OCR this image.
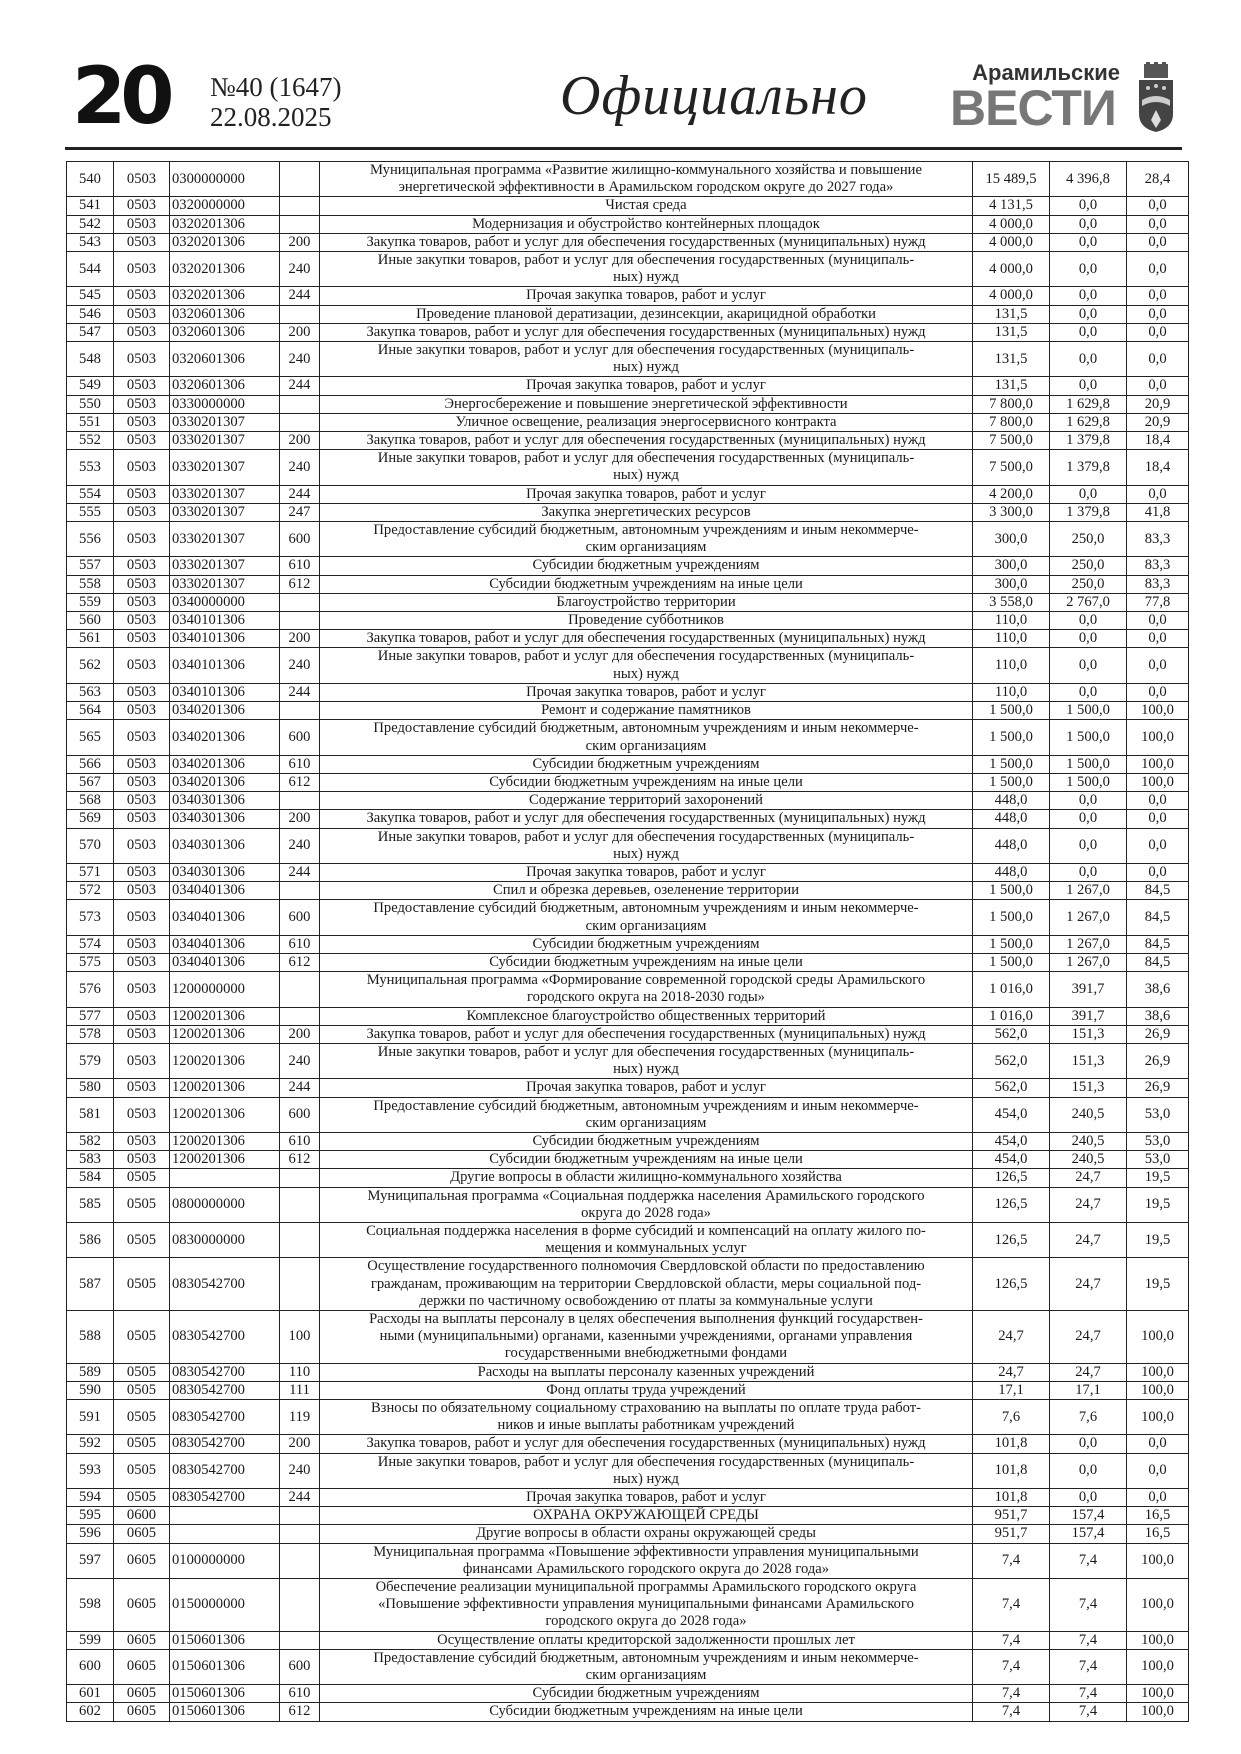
20 №40 (1647)
22.08.2025	Официально	Арамильские
ВЕСТИ
540	0503	0300000000		Муниципальная программа «Развитие жилищно-коммунального хозяйства и повышение
энергетической эффективности в Арамильском городском округе до 2027 года»	15 489,5	4 396,8	28,4
541	0503	0320000000		Чистая среда	4 131,5	0,0	0,0
542	0503	0320201306		Модернизация и обустройство контейнерных площадок	4 000,0	0,0	0,0
543	0503	0320201306	200	Закупка товаров, работ и услуг для обеспечения государственных (муниципальных) нужд	4 000,0	0,0	0,0
544	0503	0320201306	240	Иные закупки товаров, работ и услуг для обеспечения государственных (муниципаль-
ных) нужд	4 000,0	0,0	0,0
545	0503	0320201306	244	Прочая закупка товаров, работ и услуг	4 000,0	0,0	0,0
546	0503	0320601306		Проведение плановой дератизации, дезинсекции, акарицидной обработки	131,5	0,0	0,0
547	0503	0320601306	200	Закупка товаров, работ и услуг для обеспечения государственных (муниципальных) нужд	131,5	0,0	0,0
548	0503	0320601306	240	Иные закупки товаров, работ и услуг для обеспечения государственных (муниципаль-
ных) нужд	131,5	0,0	0,0
549	0503	0320601306	244	Прочая закупка товаров, работ и услуг	131,5	0,0	0,0
550	0503	0330000000		Энергосбережение и повышение энергетической эффективности	7 800,0	1 629,8	20,9
551	0503	0330201307		Уличное освещение, реализация энергосервисного контракта	7 800,0	1 629,8	20,9
552	0503	0330201307	200	Закупка товаров, работ и услуг для обеспечения государственных (муниципальных) нужд	7 500,0	1 379,8	18,4
553	0503	0330201307	240	Иные закупки товаров, работ и услуг для обеспечения государственных (муниципаль-
ных) нужд	7 500,0	1 379,8	18,4
554	0503	0330201307	244	Прочая закупка товаров, работ и услуг	4 200,0	0,0	0,0
555	0503	0330201307	247	Закупка энергетических ресурсов	3 300,0	1 379,8	41,8
556	0503	0330201307	600	Предоставление субсидий бюджетным, автономным учреждениям и иным некоммерче-
ским организациям	300,0	250,0	83,3
557	0503	0330201307	610	Субсидии бюджетным учреждениям	300,0	250,0	83,3
558	0503	0330201307	612	Субсидии бюджетным учреждениям на иные цели	300,0	250,0	83,3
559	0503	0340000000		Благоустройство территории	3 558,0	2 767,0	77,8
560	0503	0340101306		Проведение субботников	110,0	0,0	0,0
561	0503	0340101306	200	Закупка товаров, работ и услуг для обеспечения государственных (муниципальных) нужд	110,0	0,0	0,0
562	0503	0340101306	240	Иные закупки товаров, работ и услуг для обеспечения государственных (муниципаль-
ных) нужд	110,0	0,0	0,0
563	0503	0340101306	244	Прочая закупка товаров, работ и услуг	110,0	0,0	0,0
564	0503	0340201306		Ремонт и содержание памятников	1 500,0	1 500,0	100,0
565	0503	0340201306	600	Предоставление субсидий бюджетным, автономным учреждениям и иным некоммерче-
ским организациям	1 500,0	1 500,0	100,0
566	0503	0340201306	610	Субсидии бюджетным учреждениям	1 500,0	1 500,0	100,0
567	0503	0340201306	612	Субсидии бюджетным учреждениям на иные цели	1 500,0	1 500,0	100,0
568	0503	0340301306		Содержание территорий захоронений	448,0	0,0	0,0
569	0503	0340301306	200	Закупка товаров, работ и услуг для обеспечения государственных (муниципальных) нужд	448,0	0,0	0,0
570	0503	0340301306	240	Иные закупки товаров, работ и услуг для обеспечения государственных (муниципаль-
ных) нужд	448,0	0,0	0,0
571	0503	0340301306	244	Прочая закупка товаров, работ и услуг	448,0	0,0	0,0
572	0503	0340401306		Спил и обрезка деревьев, озеленение территории	1 500,0	1 267,0	84,5
573	0503	0340401306	600	Предоставление субсидий бюджетным, автономным учреждениям и иным некоммерче-
ским организациям	1 500,0	1 267,0	84,5
574	0503	0340401306	610	Субсидии бюджетным учреждениям	1 500,0	1 267,0	84,5
575	0503	0340401306	612	Субсидии бюджетным учреждениям на иные цели	1 500,0	1 267,0	84,5
576	0503	1200000000		Муниципальная программа «Формирование современной городской среды Арамильского
городского округа на 2018-2030 годы»	1 016,0	391,7	38,6
577	0503	1200201306		Комплексное благоустройство общественных территорий	1 016,0	391,7	38,6
578	0503	1200201306	200	Закупка товаров, работ и услуг для обеспечения государственных (муниципальных) нужд	562,0	151,3	26,9
579	0503	1200201306	240	Иные закупки товаров, работ и услуг для обеспечения государственных (муниципаль-
ных) нужд	562,0	151,3	26,9
580	0503	1200201306	244	Прочая закупка товаров, работ и услуг	562,0	151,3	26,9
581	0503	1200201306	600	Предоставление субсидий бюджетным, автономным учреждениям и иным некоммерче-
ским организациям	454,0	240,5	53,0
582	0503	1200201306	610	Субсидии бюджетным учреждениям	454,0	240,5	53,0
583	0503	1200201306	612	Субсидии бюджетным учреждениям на иные цели	454,0	240,5	53,0
584	0505			Другие вопросы в области жилищно-коммунального хозяйства	126,5	24,7	19,5
585	0505	0800000000		Муниципальная программа «Социальная поддержка населения Арамильского городского
округа до 2028 года»	126,5	24,7	19,5
586	0505	0830000000		Социальная поддержка населения в форме субсидий и компенсаций на оплату жилого по-
мещения и коммунальных услуг	126,5	24,7	19,5
587	0505	0830542700		Осуществление государственного полномочия Свердловской области по предоставлению
гражданам, проживающим на территории Свердловской области, меры социальной под-
держки по частичному освобождению от платы за коммунальные услуги	126,5	24,7	19,5
588	0505	0830542700	100	Расходы на выплаты персоналу в целях обеспечения выполнения функций государствен-
ными (муниципальными) органами, казенными учреждениями, органами управления
государственными внебюджетными фондами	24,7	24,7	100,0
589	0505	0830542700	110	Расходы на выплаты персоналу казенных учреждений	24,7	24,7	100,0
590	0505	0830542700	111	Фонд оплаты труда учреждений	17,1	17,1	100,0
591	0505	0830542700	119	Взносы по обязательному социальному страхованию на выплаты по оплате труда работ-
ников и иные выплаты работникам учреждений	7,6	7,6	100,0
592	0505	0830542700	200	Закупка товаров, работ и услуг для обеспечения государственных (муниципальных) нужд	101,8	0,0	0,0
593	0505	0830542700	240	Иные закупки товаров, работ и услуг для обеспечения государственных (муниципаль-
ных) нужд	101,8	0,0	0,0
594	0505	0830542700	244	Прочая закупка товаров, работ и услуг	101,8	0,0	0,0
595	0600			ОХРАНА ОКРУЖАЮЩЕЙ СРЕДЫ	951,7	157,4	16,5
596	0605			Другие вопросы в области охраны окружающей среды	951,7	157,4	16,5
597	0605	0100000000		Муниципальная программа «Повышение эффективности управления муниципальными
финансами Арамильского городского округа до 2028 года»	7,4	7,4	100,0
598	0605	0150000000		Обеспечение реализации муниципальной программы Арамильского городского округа
«Повышение эффективности управления муниципальными финансами Арамильского
городского округа до 2028 года»	7,4	7,4	100,0
599	0605	0150601306		Осуществление оплаты кредиторской задолженности прошлых лет	7,4	7,4	100,0
600	0605	0150601306	600	Предоставление субсидий бюджетным, автономным учреждениям и иным некоммерче-
ским организациям	7,4	7,4	100,0
601	0605	0150601306	610	Субсидии бюджетным учреждениям	7,4	7,4	100,0
602	0605	0150601306	612	Субсидии бюджетным учреждениям на иные цели	7,4	7,4	100,0
